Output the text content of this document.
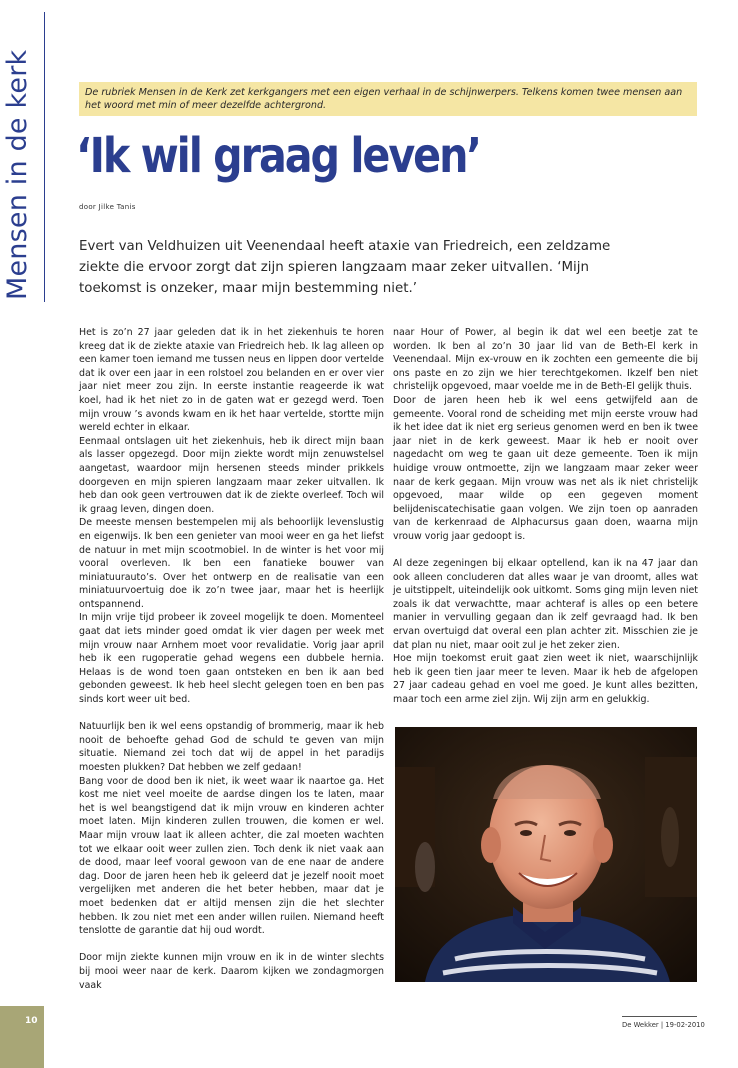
Mensen in de kerk	De rubriek Mensen in de Kerk zet kerkgangers met een eigen verhaal in de schijnwerpers. Telkens komen twee mensen aan het woord met min of meer dezelfde achtergrond.
‘Ik wil graag leven’
door Jilke Tanis
Evert van Veldhuizen uit Veenendaal heeft ataxie van Friedreich, een zeldzame ziekte die ervoor zorgt dat zijn spieren langzaam maar zeker uitvallen. ‘Mijn toekomst is onzeker, maar mijn bestemming niet.’

Het is zo’n 27 jaar geleden dat ik in het ziekenhuis te horen kreeg dat ik de ziekte ataxie van Friedreich heb. Ik lag alleen op een kamer toen iemand me tussen neus en lippen door vertelde dat ik over een jaar in een rolstoel zou belanden en er over vier jaar niet meer zou zijn. In eerste instantie reageerde ik wat koel, had ik het niet zo in de gaten wat er gezegd werd. Toen mijn vrouw ’s avonds kwam en ik het haar vertelde, stortte mijn wereld echter in elkaar.

Eenmaal ontslagen uit het ziekenhuis, heb ik direct mijn baan als lasser opgezegd. Door mijn ziekte wordt mijn zenuwstelsel aangetast, waardoor mijn hersenen steeds minder prikkels doorgeven en mijn spieren langzaam maar zeker uitvallen. Ik heb dan ook geen vertrouwen dat ik de ziekte overleef. Toch wil ik graag leven, dingen doen.

De meeste mensen bestempelen mij als behoorlijk levenslustig en eigenwijs. Ik ben een genieter van mooi weer en ga het liefst de natuur in met mijn scootmobiel. In de winter is het voor mij vooral overleven. Ik ben een fanatieke bouwer van miniatuurauto’s. Over het ontwerp en de realisatie van een miniatuurvoertuig doe ik zo’n twee jaar, maar het is heerlijk ontspannend.

In mijn vrije tijd probeer ik zoveel mogelijk te doen. Momenteel gaat dat iets minder goed omdat ik vier dagen per week met mijn vrouw naar Arnhem moet voor revalidatie. Vorig jaar april heb ik een rugoperatie gehad wegens een dubbele hernia. Helaas is de wond toen gaan ontsteken en ben ik aan bed gebonden geweest. Ik heb heel slecht gelegen toen en ben pas sinds kort weer uit bed.

Natuurlijk ben ik wel eens opstandig of brommerig, maar ik heb nooit de behoefte gehad God de schuld te geven van mijn situatie. Niemand zei toch dat wij de appel in het paradijs moesten plukken? Dat hebben we zelf gedaan!

Bang voor de dood ben ik niet, ik weet waar ik naartoe ga. Het kost me niet veel moeite de aardse dingen los te laten, maar het is wel beangstigend dat ik mijn vrouw en kinderen achter moet laten. Mijn kinderen zullen trouwen, die komen er wel. Maar mijn vrouw laat ik alleen achter, die zal moeten wachten tot we elkaar ooit weer zullen zien. Toch denk ik niet vaak aan de dood, maar leef vooral gewoon van de ene naar de andere dag. Door de jaren heen heb ik geleerd dat je jezelf nooit moet vergelijken met anderen die het beter hebben, maar dat je moet bedenken dat er altijd mensen zijn die het slechter hebben. Ik zou niet met een ander willen ruilen. Niemand heeft tenslotte de garantie dat hij oud wordt.

Door mijn ziekte kunnen mijn vrouw en ik in de winter slechts bij mooi weer naar de kerk. Daarom kijken we zondagmorgen vaak

naar Hour of Power, al begin ik dat wel een beetje zat te worden. Ik ben al zo’n 30 jaar lid van de Beth-El kerk in Veenendaal. Mijn ex-vrouw en ik zochten een gemeente die bij ons paste en zo zijn we hier terechtgekomen. Ikzelf ben niet christelijk opgevoed, maar voelde me in de Beth-El gelijk thuis.

Door de jaren heen heb ik wel eens getwijfeld aan de gemeente. Vooral rond de scheiding met mijn eerste vrouw had ik het idee dat ik niet erg serieus genomen werd en ben ik twee jaar niet in de kerk geweest. Maar ik heb er nooit over nagedacht om weg te gaan uit deze gemeente. Toen ik mijn huidige vrouw ontmoette, zijn we langzaam maar zeker weer naar de kerk gegaan. Mijn vrouw was net als ik niet christelijk opgevoed, maar wilde op een gegeven moment belijdeniscatechisatie gaan volgen. We zijn toen op aanraden van de kerkenraad de Alphacursus gaan doen, waarna mijn vrouw vorig jaar gedoopt is.

Al deze zegeningen bij elkaar optellend, kan ik na 47 jaar dan ook alleen concluderen dat alles waar je van droomt, alles wat je uitstippelt, uiteindelijk ook uitkomt. Soms ging mijn leven niet zoals ik dat verwachtte, maar achteraf is alles op een betere manier in vervulling gegaan dan ik zelf gevraagd had. Ik ben ervan overtuigd dat overal een plan achter zit. Misschien zie je dat plan nu niet, maar ooit zul je het zeker zien.

Hoe mijn toekomst eruit gaat zien weet ik niet, waarschijnlijk heb ik geen tien jaar meer te leven. Maar ik heb de afgelopen 27 jaar cadeau gehad en voel me goed. Je kunt alles bezitten, maar toch een arme ziel zijn. Wij zijn arm en gelukkig.

De Wekker | 19-02-2010
10
